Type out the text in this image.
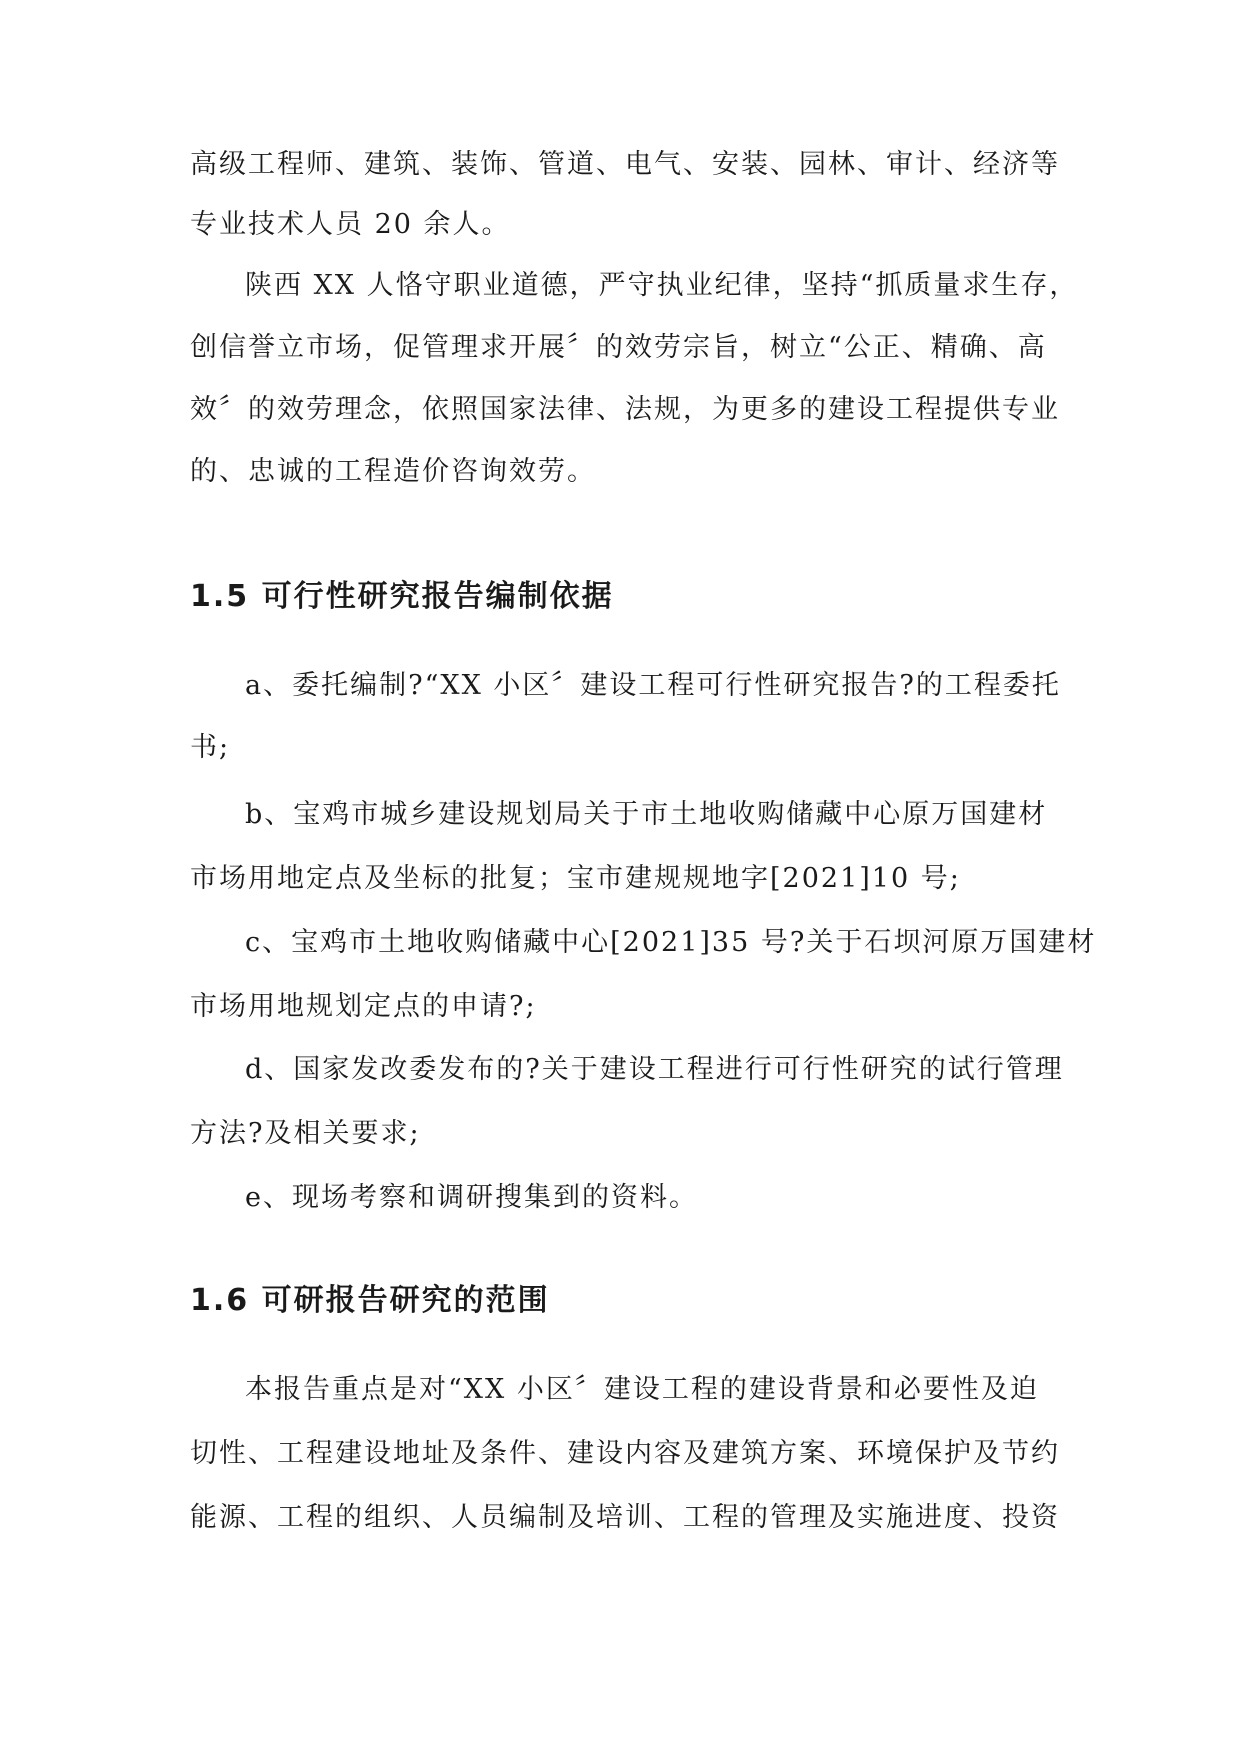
高级工程师、建筑、装饰、管道、电气、安装、园林、审计、经济等
专业技术人员 20 余人。
陕西 XX 人恪守职业道德，严守执业纪律，坚持“抓质量求生存，
创信誉立市场，促管理求开展〞的效劳宗旨，树立“公正、精确、高
效〞的效劳理念，依照国家法律、法规，为更多的建设工程提供专业
的、忠诚的工程造价咨询效劳。
1.5 可行性研究报告编制依据
a、委托编制?“XX 小区〞建设工程可行性研究报告?的工程委托
书;
b、宝鸡市城乡建设规划局关于市土地收购储藏中心原万国建材
市场用地定点及坐标的批复；宝市建规规地字[2021]10 号;
c、宝鸡市土地收购储藏中心[2021]35 号?关于石坝河原万国建材
市场用地规划定点的申请?;
d、国家发改委发布的?关于建设工程进行可行性研究的试行管理
方法?及相关要求;
e、现场考察和调研搜集到的资料。
1.6 可研报告研究的范围
本报告重点是对“XX 小区〞建设工程的建设背景和必要性及迫
切性、工程建设地址及条件、建设内容及建筑方案、环境保护及节约
能源、工程的组织、人员编制及培训、工程的管理及实施进度、投资
